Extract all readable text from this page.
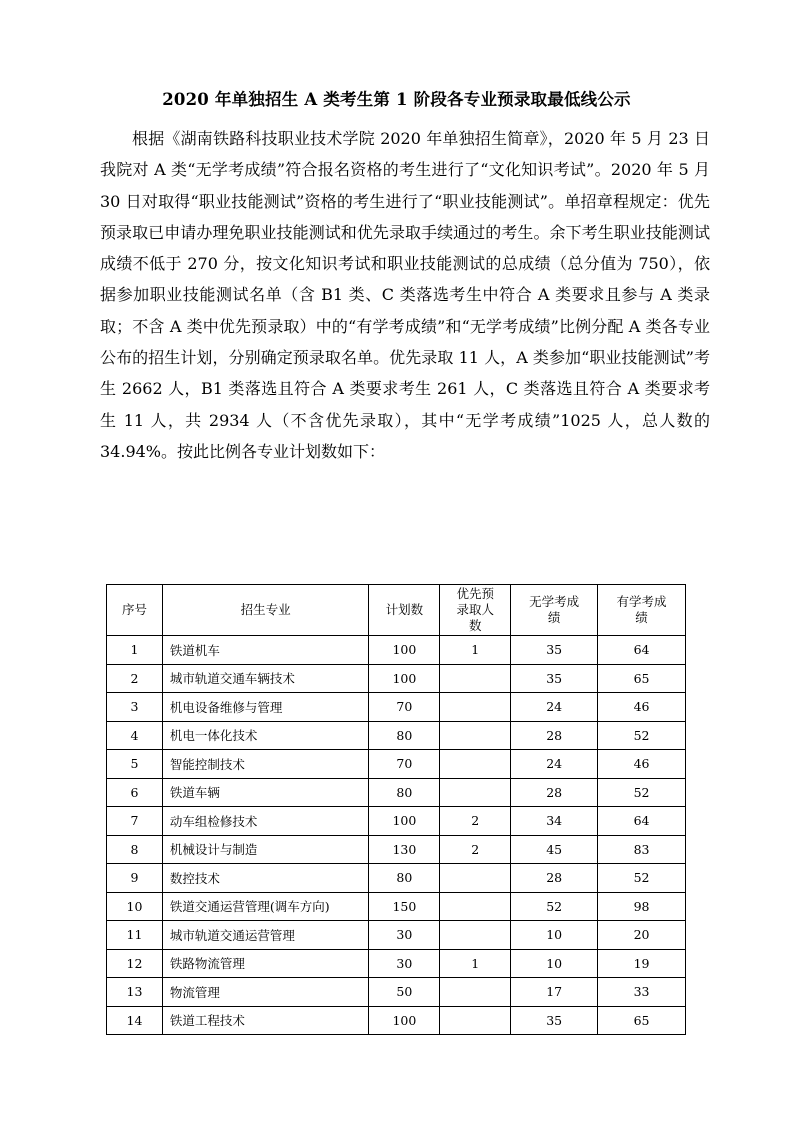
2020 年单独招生 A 类考生第 1 阶段各专业预录取最低线公示
根据《湖南铁路科技职业技术学院 2020 年单独招生简章》，2020 年 5 月 23 日我院对 A 类“无学考成绩”符合报名资格的考生进行了“文化知识考试”。2020 年 5 月 30 日对取得“职业技能测试”资格的考生进行了“职业技能测试”。单招章程规定：优先预录取已申请办理免职业技能测试和优先录取手续通过的考生。余下考生职业技能测试成绩不低于 270 分，按文化知识考试和职业技能测试的总成绩（总分值为 750），依据参加职业技能测试名单（含 B1 类、C 类落选考生中符合 A 类要求且参与 A 类录取；不含 A 类中优先预录取）中的“有学考成绩”和“无学考成绩”比例分配 A 类各专业公布的招生计划，分别确定预录取名单。优先录取 11 人，A 类参加“职业技能测试”考生 2662 人，B1 类落选且符合 A 类要求考生 261 人，C 类落选且符合 A 类要求考生 11 人，共 2934 人（不含优先录取），其中“无学考成绩”1025 人，总人数的 34.94%。按此比例各专业计划数如下：
序号	招生专业	计划数	优先预录取人数	无学考成绩	有学考成绩
1	铁道机车	100	1	35	64
2	城市轨道交通车辆技术	100		35	65
3	机电设备维修与管理	70		24	46
4	机电一体化技术	80		28	52
5	智能控制技术	70		24	46
6	铁道车辆	80		28	52
7	动车组检修技术	100	2	34	64
8	机械设计与制造	130	2	45	83
9	数控技术	80		28	52
10	铁道交通运营管理(调车方向)	150		52	98
11	城市轨道交通运营管理	30		10	20
12	铁路物流管理	30	1	10	19
13	物流管理	50		17	33
14	铁道工程技术	100		35	65
